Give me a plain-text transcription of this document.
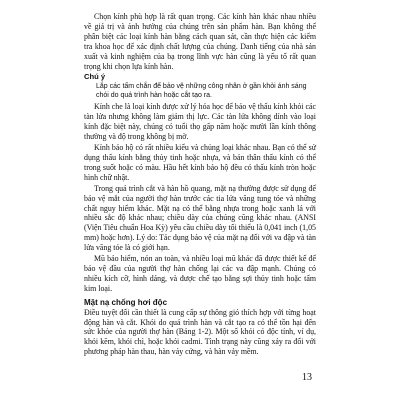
Chọn kính phù hợp là rất quan trọng. Các kính hàn khác nhau nhiều về giá trị và ảnh hưởng của chúng trên sản phẩm hàn. Bạn không thể phân biệt các loại kính hàn bằng cách quan sát, cần thực hiện các kiểm tra khoa học để xác định chất lượng của chúng. Danh tiếng của nhà sản xuất và kinh nghiệm của bạ trong lĩnh vực hàn cũng là yếu tố rất quan trọng khi chọn lựa kính hàn.

Chú ý
Lắp các tấm chắn để bảo vệ những công nhân ở gần khỏi ánh sáng chói do quá trình hàn hoặc cắt tạo ra.

Kính che là loại kính được xử lý hóa học để bảo vệ thấu kính khỏi các tàn lửa nhưng không làm giảm thị lực. Các tàn lửa không dính vào loại kính đặc biệt này, chúng có tuổi thọ gấp năm hoặc mười lần kính thông thường và độ trong không bị mờ.

Kính bảo hộ có rất nhiều kiểu và chủng loại khác nhau. Bạn có thể sử dụng thấu kính bằng thủy tinh hoặc nhựa, và bản thân thấu kính có thể trong suốt hoặc có màu. Hầu hết kính bảo hộ đều có thấu kính tròn hoặc hình chữ nhật.

Trong quá trình cắt và hàn hồ quang, mặt nạ thường được sử dụng để bảo vệ mắt của người thợ hàn trước các tia lửa văng tung tóe và những chất nguy hiểm khác. Mặt nạ có thể bằng nhựa trong hoặc xanh lá với nhiều sắc độ khác nhau; chiều dày của chúng cũng khác nhau. (ANSI (Viện Tiêu chuẩn Hoa Kỳ) yêu cầu chiều dày tối thiểu là 0,041 inch (1,05 mm) hoặc hơn). Lý do: Tác dụng bảo vệ của mặt nạ đối với va đập và tàn lửa văng tóe là có giới hạn.

Mũ bảo hiểm, nón an toàn, và nhiều loại mũ khác đã được thiết kế để bảo vệ đầu của người thợ hàn chống lại các va đập mạnh. Chúng có nhiều kích cỡ, hình dáng, và được chế tạo bằng sợi thủy tinh hoặc tấm kim loại.

Mặt nạ chống hơi độc

Điều tuyệt đối cần thiết là cung cấp sự thông gió thích hợp với từng hoạt động hàn và cắt. Khói do quá trình hàn và cắt tạo ra có thể tồn hại đến sức khỏe của người thợ hàn (Bảng 1-2). Một số khói có độc tính, ví dụ, khói kẽm, khói chì, hoặc khói cadmi. Tình trạng này cũng xảy ra đối với phương pháp hàn thau, hàn vảy cứng, và hàn vảy mềm.

13
